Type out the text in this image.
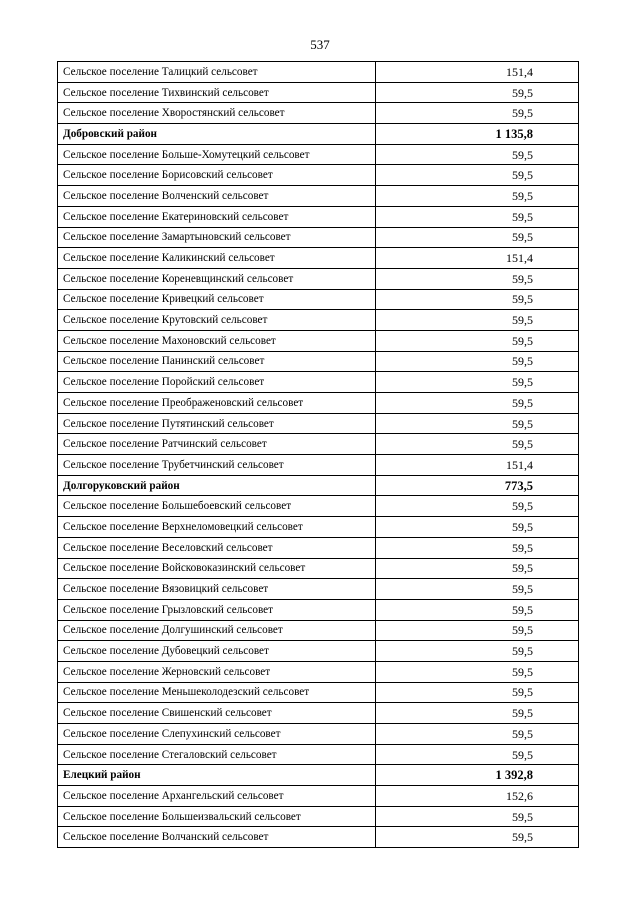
537
Сельское поселение Талицкий сельсовет	151,4
Сельское поселение Тихвинский сельсовет	59,5
Сельское поселение Хворостянский сельсовет	59,5
Добровский район	1 135,8
Сельское поселение Больше-Хомутецкий сельсовет	59,5
Сельское поселение Борисовский сельсовет	59,5
Сельское поселение Волченский сельсовет	59,5
Сельское поселение Екатериновский сельсовет	59,5
Сельское поселение Замартыновский сельсовет	59,5
Сельское поселение Каликинский сельсовет	151,4
Сельское поселение Кореневщинский сельсовет	59,5
Сельское поселение Кривецкий сельсовет	59,5
Сельское поселение Крутовский сельсовет	59,5
Сельское поселение Махоновский сельсовет	59,5
Сельское поселение Панинский сельсовет	59,5
Сельское поселение Поройский сельсовет	59,5
Сельское поселение Преображеновский сельсовет	59,5
Сельское поселение Путятинский сельсовет	59,5
Сельское поселение Ратчинский сельсовет	59,5
Сельское поселение Трубетчинский сельсовет	151,4
Долгоруковский район	773,5
Сельское поселение Большебоевский сельсовет	59,5
Сельское поселение Верхнеломовецкий сельсовет	59,5
Сельское поселение Веселовский сельсовет	59,5
Сельское поселение Войсковоказинский сельсовет	59,5
Сельское поселение Вязовицкий сельсовет	59,5
Сельское поселение Грызловский сельсовет	59,5
Сельское поселение Долгушинский сельсовет	59,5
Сельское поселение Дубовецкий сельсовет	59,5
Сельское поселение Жерновский сельсовет	59,5
Сельское поселение Меньшеколодезский сельсовет	59,5
Сельское поселение Свишенский сельсовет	59,5
Сельское поселение Слепухинский сельсовет	59,5
Сельское поселение Стегаловский сельсовет	59,5
Елецкий район	1 392,8
Сельское поселение Архангельский сельсовет	152,6
Сельское поселение Большеизвальский сельсовет	59,5
Сельское поселение Волчанский сельсовет	59,5
